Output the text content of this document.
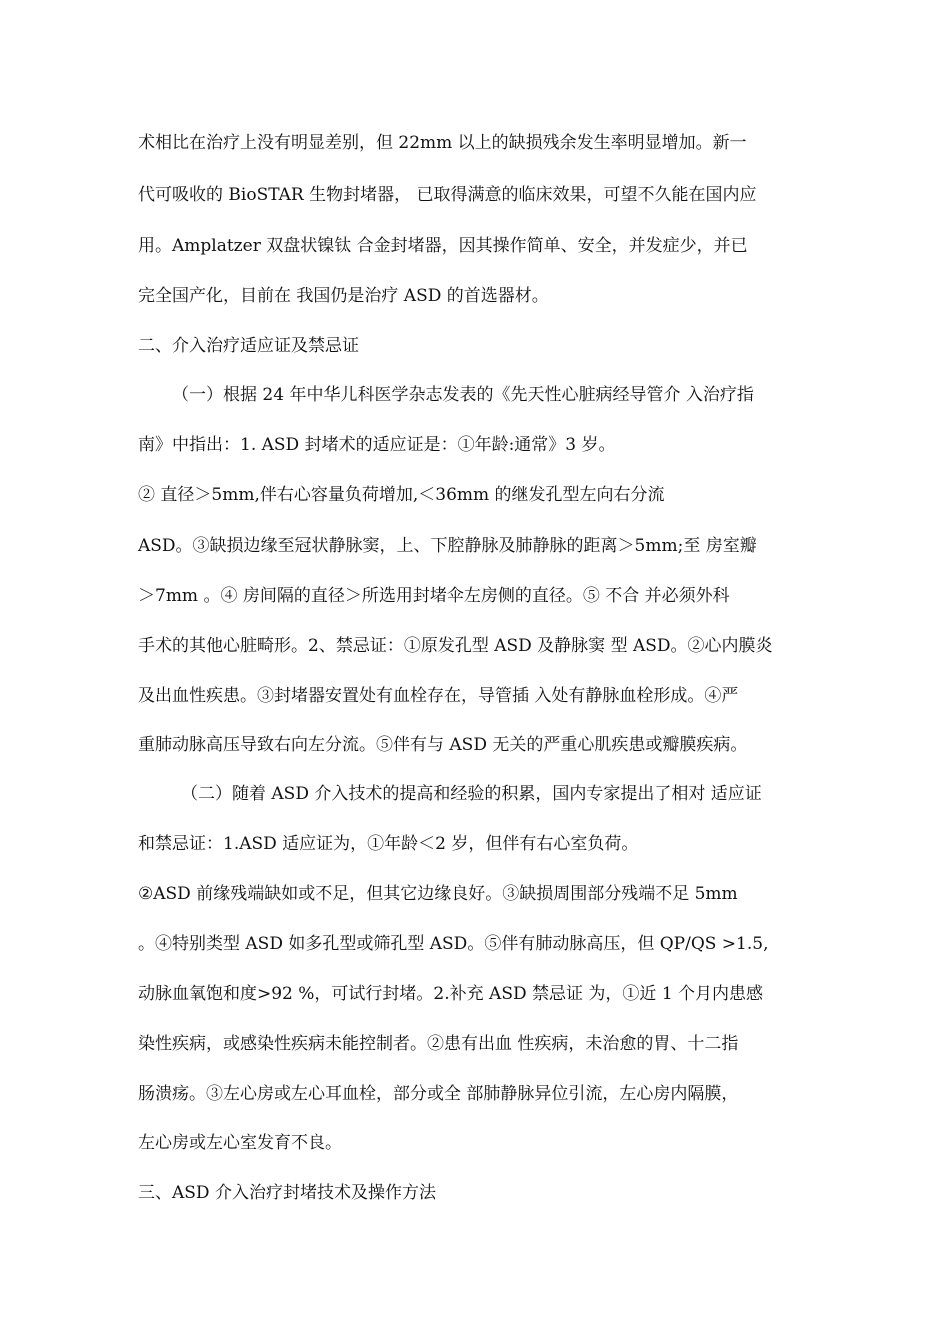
术相比在治疗上没有明显差别，但 22mm 以上的缺损残余发生率明显增加。新一
代可吸收的 BioSTAR 生物封堵器， 已取得满意的临床效果，可望不久能在国内应
用。Amplatzer 双盘状镍钛 合金封堵器，因其操作简单、安全，并发症少，并已
完全国产化，目前在 我国仍是治疗 ASD 的首选器材。
二、介入治疗适应证及禁忌证
（一）根据 24 年中华儿科医学杂志发表的《先天性心脏病经导管介 入治疗指
南》中指出：1. ASD 封堵术的适应证是：①年龄:通常》3 岁。
② 直径＞5mm,伴右心容量负荷增加,＜36mm 的继发孔型左向右分流
ASD。③缺损边缘至冠状静脉窦，上、下腔静脉及肺静脉的距离＞5mm;至 房室瓣
＞7mm 。④ 房间隔的直径＞所选用封堵伞左房侧的直径。⑤ 不合 并必须外科
手术的其他心脏畸形。2、禁忌证：①原发孔型 ASD 及静脉窦 型 ASD。②心内膜炎
及出血性疾患。③封堵器安置处有血栓存在，导管插 入处有静脉血栓形成。④严
重肺动脉高压导致右向左分流。⑤伴有与 ASD 无关的严重心肌疾患或瓣膜疾病。
（二）随着 ASD 介入技术的提高和经验的积累，国内专家提出了相对 适应证
和禁忌证：1.ASD 适应证为，①年龄＜2 岁，但伴有右心室负荷。
②ASD 前缘残端缺如或不足，但其它边缘良好。③缺损周围部分残端不足 5mm
。④特别类型 ASD 如多孔型或筛孔型 ASD。⑤伴有肺动脉高压，但 QP/QS >1.5,
动脉血氧饱和度>92 %，可试行封堵。2.补充 ASD 禁忌证 为，①近 1 个月内患感
染性疾病，或感染性疾病未能控制者。②患有出血 性疾病，未治愈的胃、十二指
肠溃疡。③左心房或左心耳血栓，部分或全 部肺静脉异位引流，左心房内隔膜，
左心房或左心室发育不良。
三、ASD 介入治疗封堵技术及操作方法
